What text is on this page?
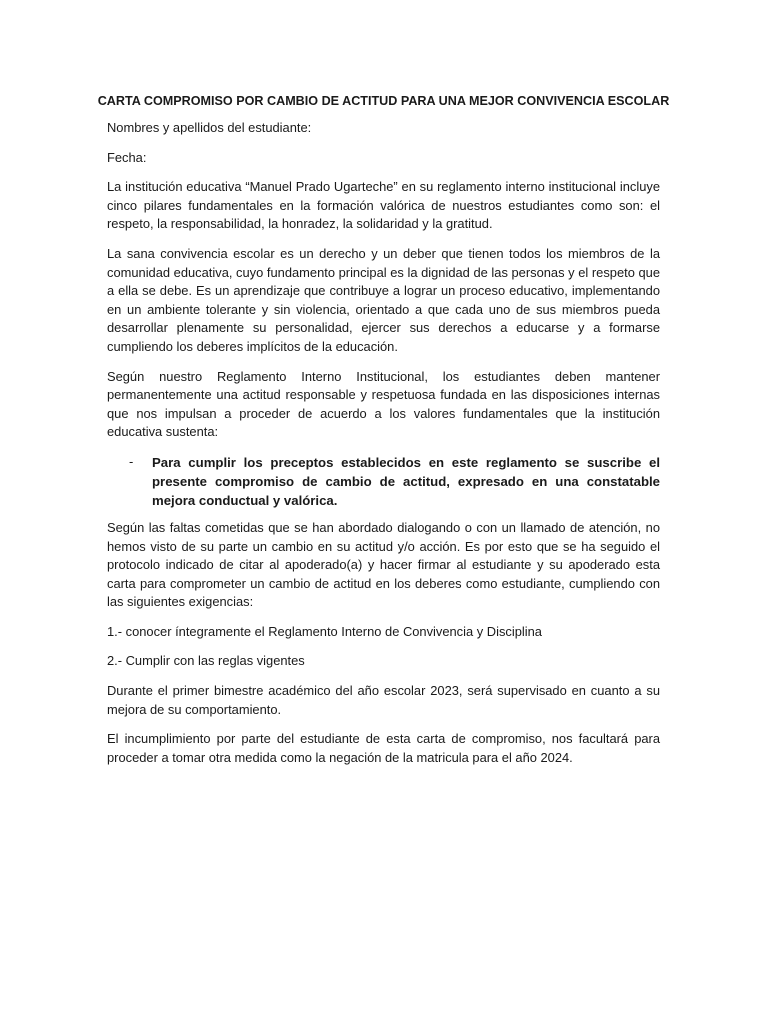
CARTA COMPROMISO POR CAMBIO DE ACTITUD PARA UNA MEJOR CONVIVENCIA ESCOLAR

Nombres y apellidos del estudiante:

Fecha:

La institución educativa “Manuel Prado Ugarteche” en su reglamento interno institucional incluye cinco pilares fundamentales en la formación valórica de nuestros estudiantes como son: el respeto, la responsabilidad, la honradez, la solidaridad y la gratitud.

La sana convivencia escolar es un derecho y un deber que tienen todos los miembros de la comunidad educativa, cuyo fundamento principal es la dignidad de las personas y el respeto que a ella se debe. Es un aprendizaje que contribuye a lograr un proceso educativo, implementando en un ambiente tolerante y sin violencia, orientado a que cada uno de sus miembros pueda desarrollar plenamente su personalidad, ejercer sus derechos a educarse y a formarse cumpliendo los deberes implícitos de la educación.

Según nuestro Reglamento Interno Institucional, los estudiantes deben mantener permanentemente una actitud responsable y respetuosa fundada en las disposiciones internas que nos impulsan a proceder de acuerdo a los valores fundamentales que la institución educativa sustenta:

-	Para cumplir los preceptos establecidos en este reglamento se suscribe el presente compromiso de cambio de actitud, expresado en una constatable mejora conductual y valórica.

Según las faltas cometidas que se han abordado dialogando o con un llamado de atención, no hemos visto de su parte un cambio en su actitud y/o acción. Es por esto que se ha seguido el protocolo indicado de citar al apoderado(a) y hacer firmar al estudiante y su apoderado esta carta para comprometer un cambio de actitud en los deberes como estudiante, cumpliendo con las siguientes exigencias:

1.- conocer íntegramente el Reglamento Interno de Convivencia y Disciplina

2.- Cumplir con las reglas vigentes

Durante el primer bimestre académico del año escolar 2023, será supervisado en cuanto a su mejora de su comportamiento.

El incumplimiento por parte del estudiante de esta carta de compromiso, nos facultará para proceder a tomar otra medida como la negación de la matricula para el año 2024.
